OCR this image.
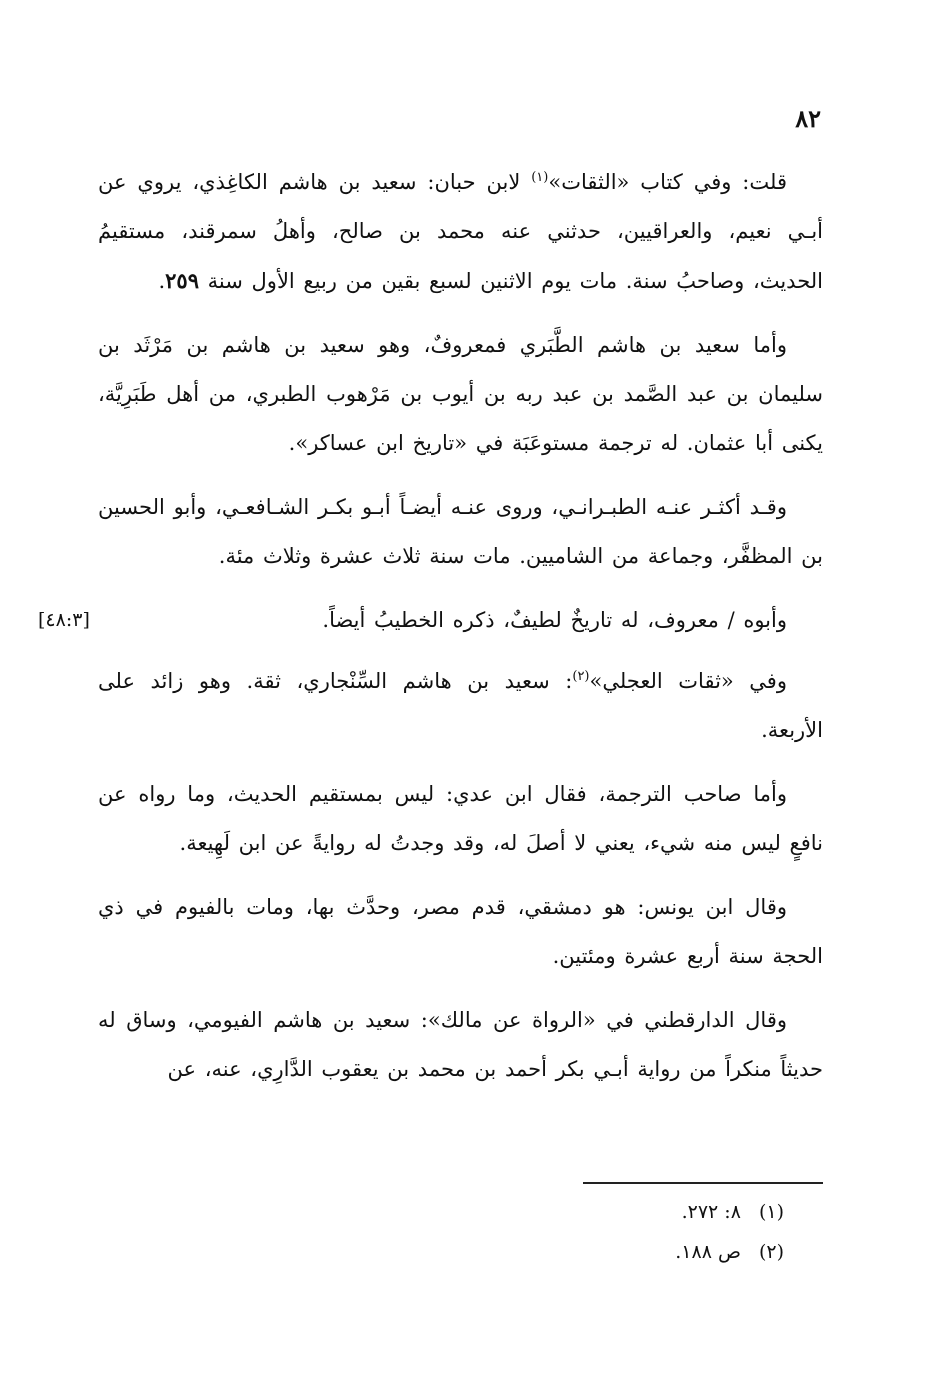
٨٢

قلت: وفي كتاب «الثقات»$^{(١)}$ لابن حبان: سعيد بن هاشم الكاغِذي، يروي عن أبـي نعيم، والعراقيين، حدثني عنه محمد بن صالح، وأهلُ سمرقند، مستقيمُ الحديث، وصاحبُ سنة. مات يوم الاثنين لسبع بقين من ربيع الأول سنة ٢٥٩.

وأما سعيد بن هاشم الطَّبَري فمعروفٌ، وهو سعيد بن هاشم بن مَرْثَد بن سليمان بن عبد الصَّمد بن عبد ربه بن أيوب بن مَرْهوب الطبري، من أهل طَبَرِيَّة، يكنى أبا عثمان. له ترجمة مستوعَبَة في «تاريخ ابن عساكر».

وقـد أكثـر عنـه الطبـرانـي، وروى عنـه أيضـاً أبـو بكـر الشـافعـي، وأبو الحسين بن المظفَّر، وجماعة من الشاميين. مات سنة ثلاث عشرة وثلاث مئة.

[٤٨:٣]	وأبوه / معروف، له تاريخٌ لطيفٌ، ذكره الخطيبُ أيضاً.

وفي «ثقات العجلي»$^{(٢)}$: سعيد بن هاشم السِّنْجاري، ثقة. وهو زائد على الأربعة.

وأما صاحب الترجمة، فقال ابن عدي: ليس بمستقيم الحديث، وما رواه عن نافعٍ ليس منه شيء، يعني لا أصلَ له، وقد وجدتُ له روايةً عن ابن لَهِيعة.

وقال ابن يونس: هو دمشقي، قدم مصر، وحدَّث بها، ومات بالفيوم في ذي الحجة سنة أربع عشرة ومئتين.

وقال الدارقطني في «الرواة عن مالك»: سعيد بن هاشم الفيومي، وساق له حديثاً منكراً من رواية أبـي بكر أحمد بن محمد بن يعقوب الدَّارِي، عنه، عن

(١)٨: ٢٧٢.

(٢)ص ١٨٨.
